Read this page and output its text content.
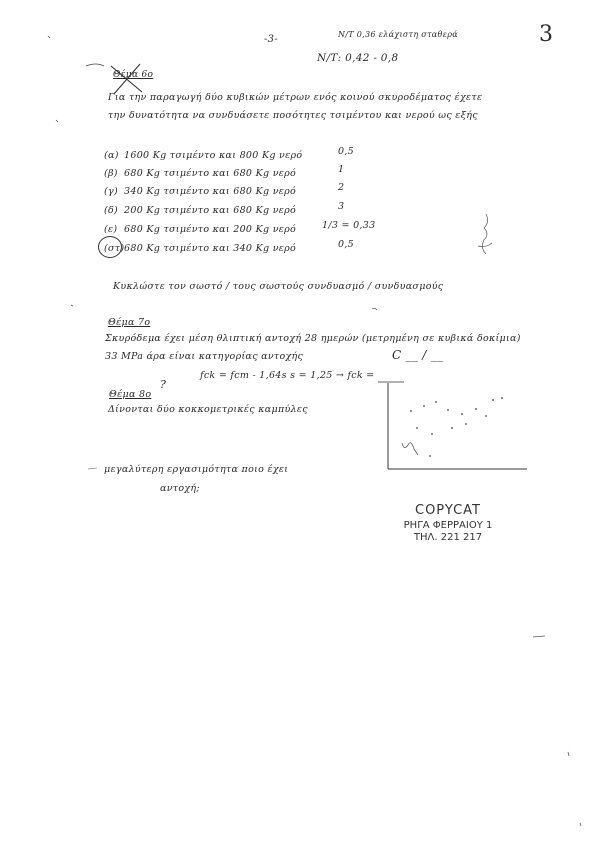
-3-	Ν/Τ 0,36 ελάχιστη σταθερά
Ν/Τ: 0,42 - 0,8
3
Θέμα 6ο
Για την παραγωγή δύο κυβικών μέτρων ενός κοινού σκυροδέματος έχετε
την δυνατότητα να συνδυάσετε ποσότητες τσιμέντου και νερού ως εξής
(α) 1600 Kg τσιμέντο και 800 Kg νερό	0,5
(β) 680 Kg τσιμέντο και 680 Kg νερό	1
(γ) 340 Kg τσιμέντο και 680 Kg νερό	2
(δ) 200 Kg τσιμέντο και 680 Kg νερό	3
(ε) 680 Kg τσιμέντο και 200 Kg νερό	1/3 = 0,33
(στ) 680 Kg τσιμέντο και 340 Kg νερό	0,5
Κυκλώστε τον σωστό / τους σωστούς συνδυασμό / συνδυασμούς
Θέμα 7ο
Σκυρόδεμα έχει μέση θλιπτική αντοχή 28 ημερών (μετρημένη σε κυβικά δοκίμια)
33 MPa άρα είναι κατηγορίας αντοχής	C __ / __
fck = fcm - 1,64s s = 1,25 → fck =
Θέμα 8ο
?
Δίνονται δύο κοκκομετρικές καμπύλες
μεγαλύτερη εργασιμότητα ποιο έχει
αντοχή;
COPYCAT
ΡΗΓΑ ΦΕΡΡΑΙΟΥ 1
ΤΗΛ. 221 217
